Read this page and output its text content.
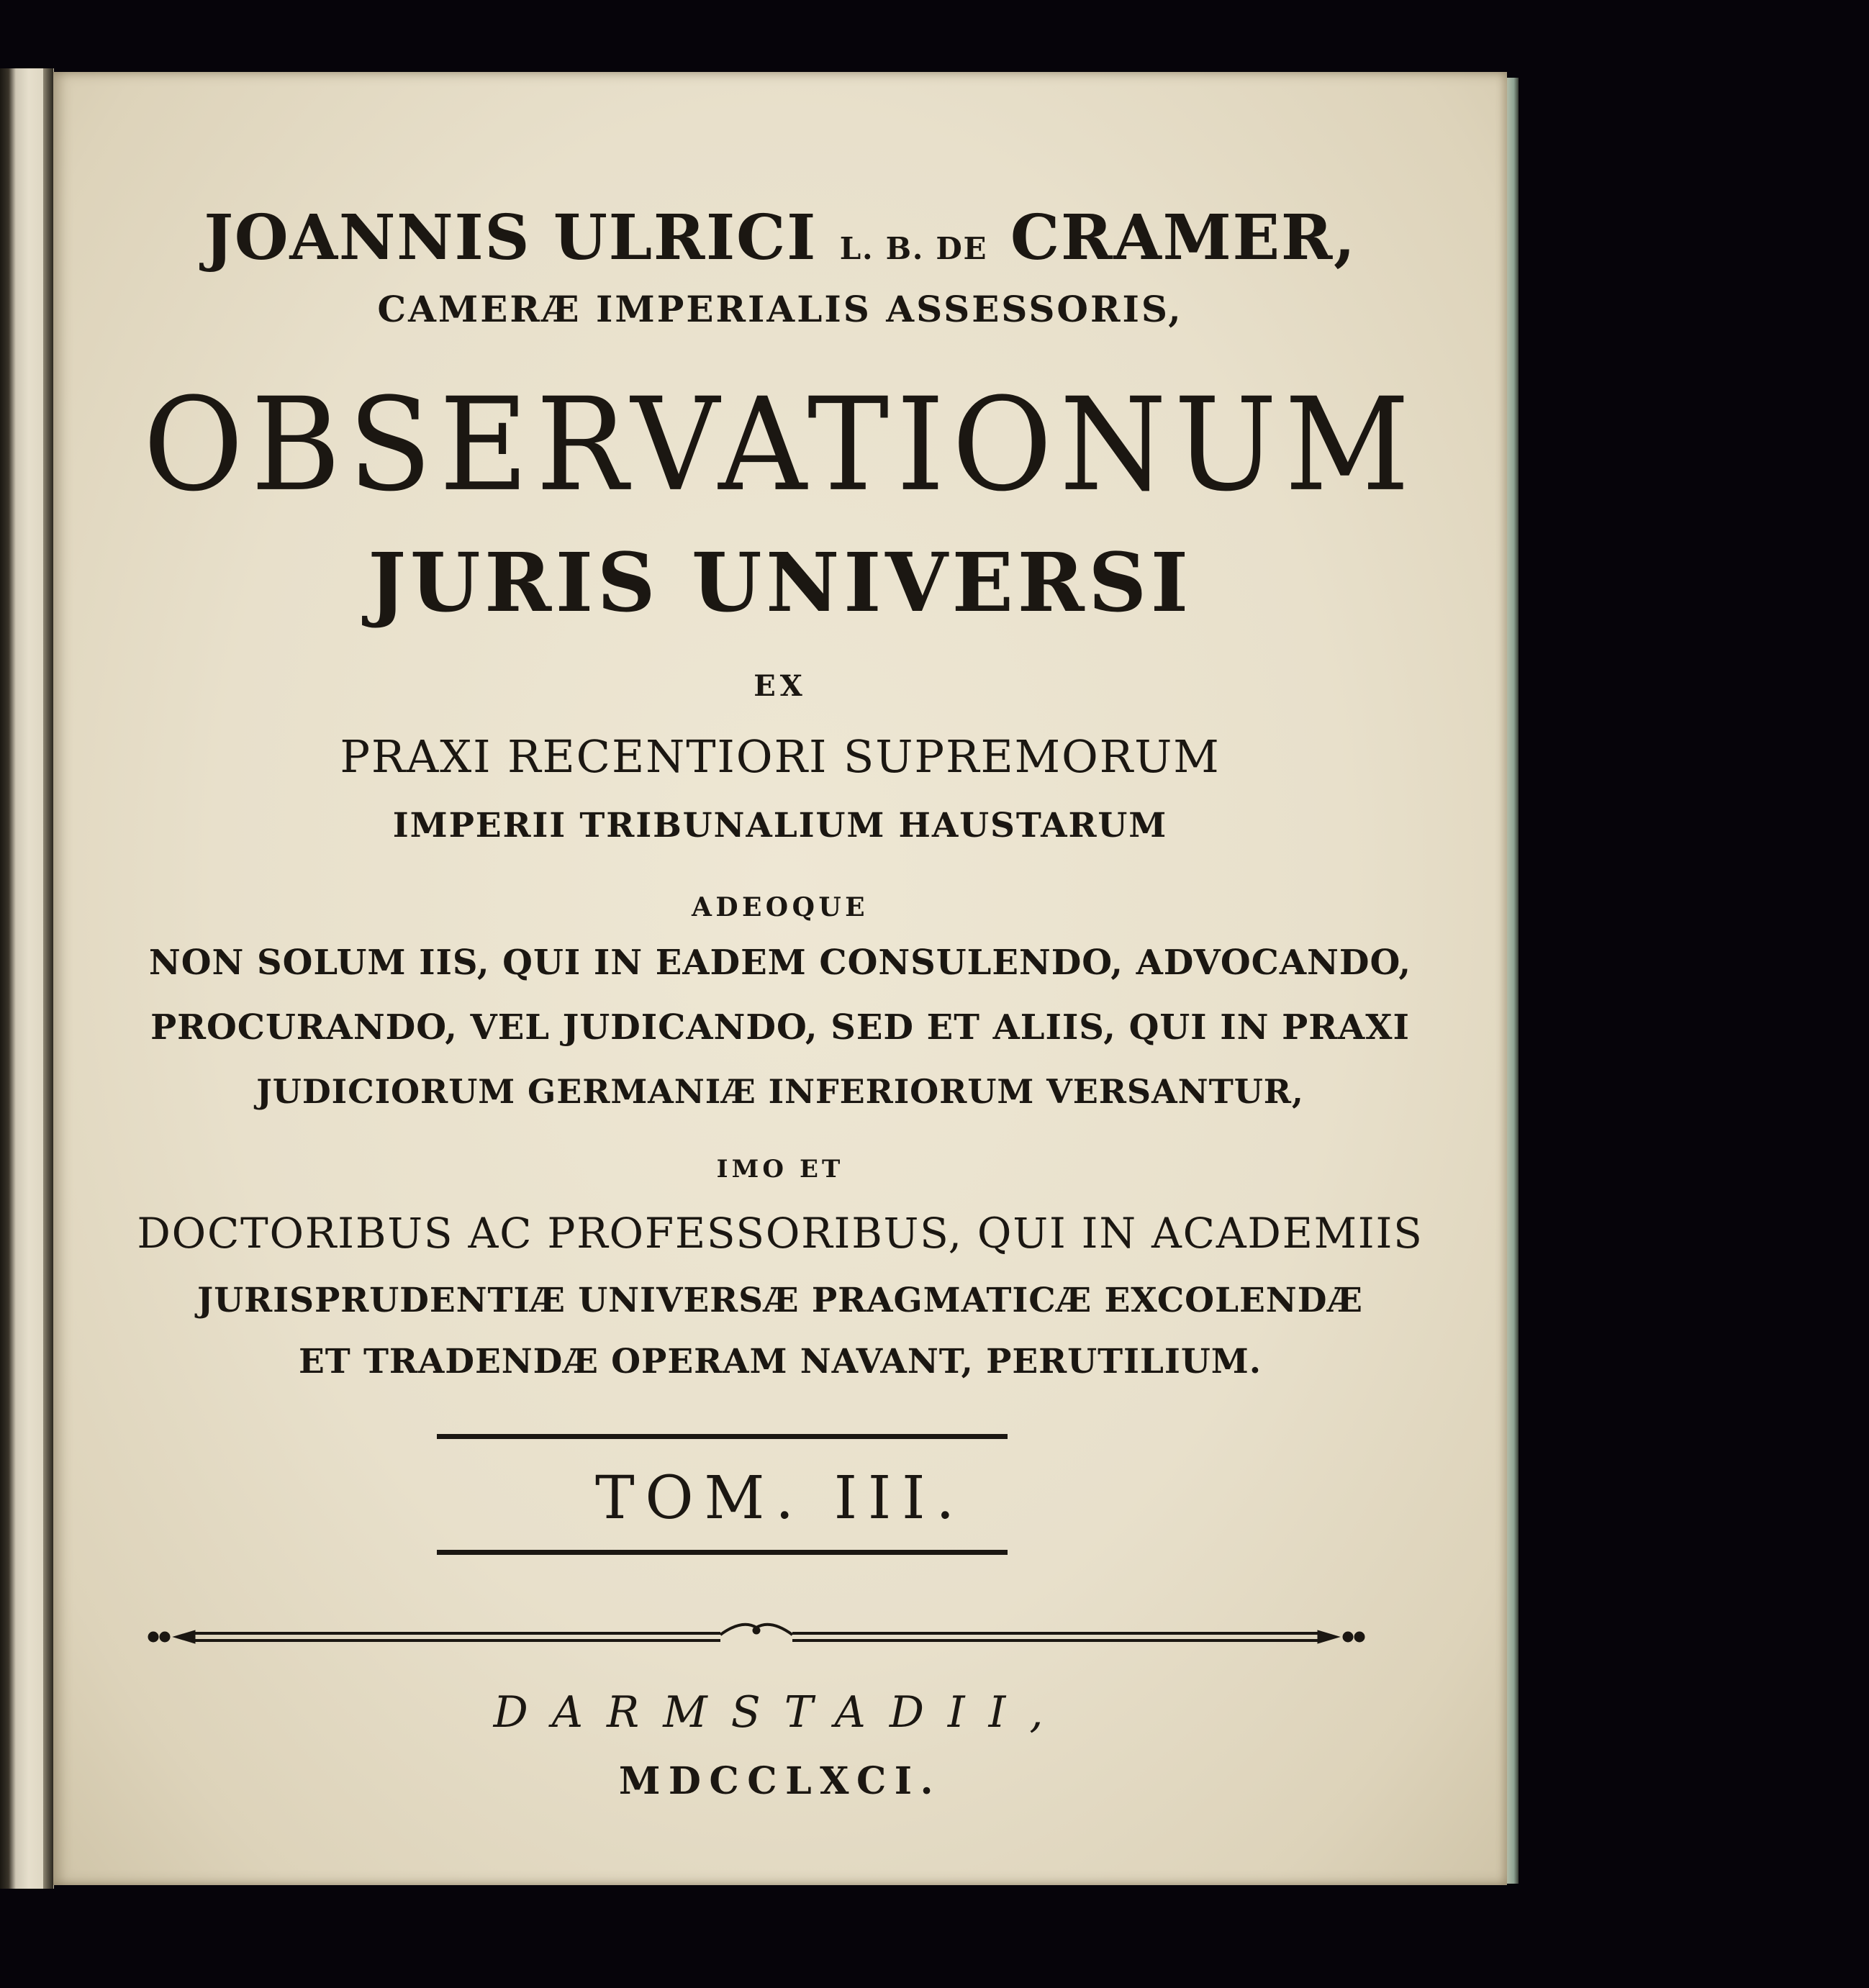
JOANNIS ULRICI L. B. DE CRAMER,
CAMERÆ IMPERIALIS ASSESSORIS,
OBSERVATIONUM
JURIS UNIVERSI
EX
PRAXI RECENTIORI SUPREMORUM
IMPERII TRIBUNALIUM HAUSTARUM
ADEOQUE
NON SOLUM IIS, QUI IN EADEM CONSULENDO, ADVOCANDO,
PROCURANDO, VEL JUDICANDO, SED ET ALIIS, QUI IN PRAXI
JUDICIORUM GERMANIÆ INFERIORUM VERSANTUR,
IMO ET
DOCTORIBUS AC PROFESSORIBUS, QUI IN ACADEMIIS
JURISPRUDENTIÆ UNIVERSÆ PRAGMATICÆ EXCOLENDÆ
ET TRADENDÆ OPERAM NAVANT, PERUTILIUM.
TOM. III.
DARMSTADII,
MDCCLXCI.
